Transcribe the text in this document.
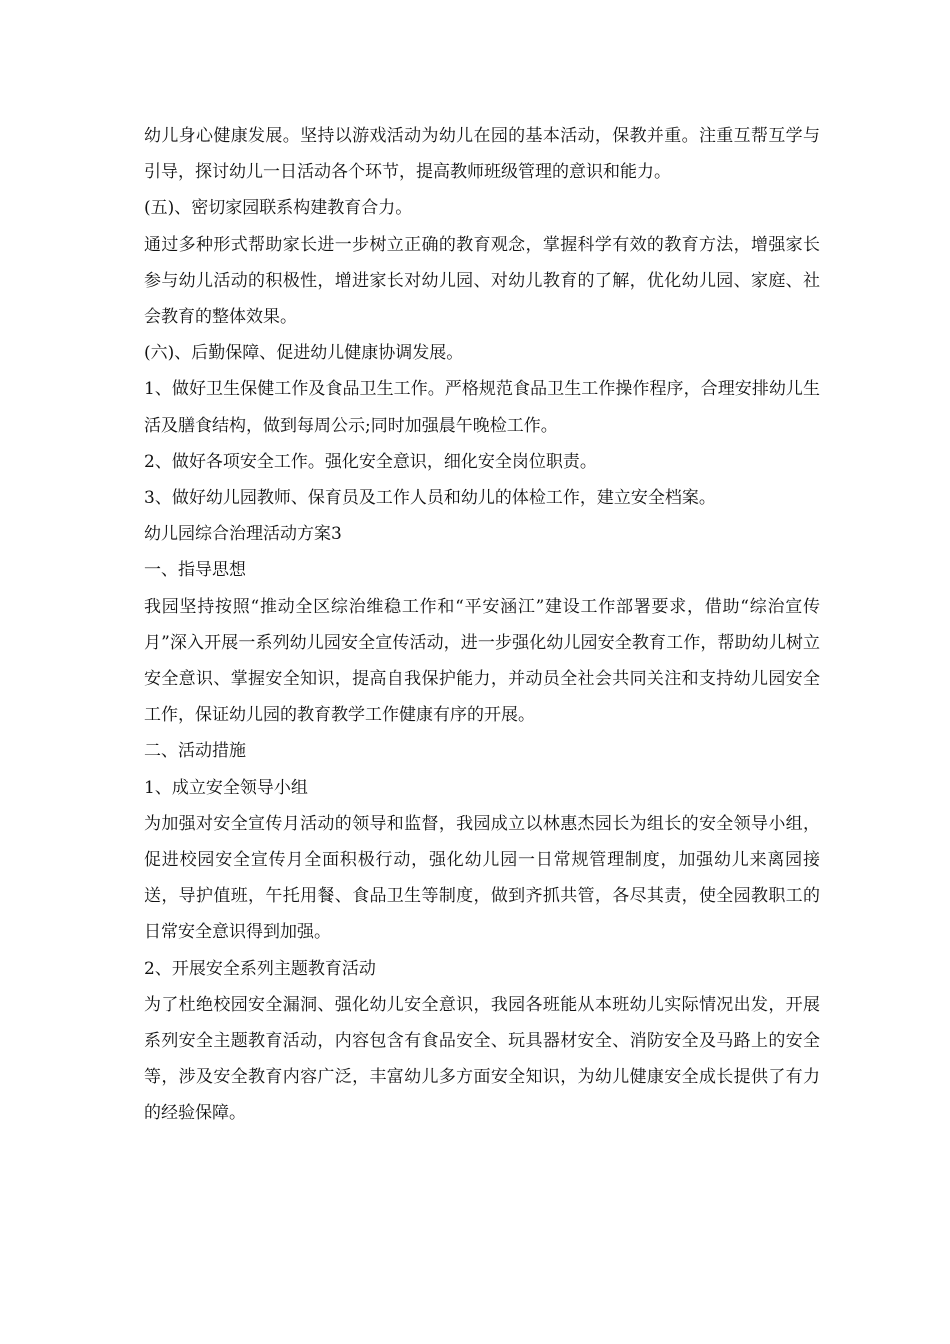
幼儿身心健康发展。坚持以游戏活动为幼儿在园的基本活动，保教并重。注重互帮互学与引导，探讨幼儿一日活动各个环节，提高教师班级管理的意识和能力。

(五)、密切家园联系构建教育合力。

通过多种形式帮助家长进一步树立正确的教育观念，掌握科学有效的教育方法，增强家长参与幼儿活动的积极性，增进家长对幼儿园、对幼儿教育的了解，优化幼儿园、家庭、社会教育的整体效果。

(六)、后勤保障、促进幼儿健康协调发展。

1、做好卫生保健工作及食品卫生工作。严格规范食品卫生工作操作程序，合理安排幼儿生活及膳食结构，做到每周公示;同时加强晨午晚检工作。

2、做好各项安全工作。强化安全意识，细化安全岗位职责。

3、做好幼儿园教师、保育员及工作人员和幼儿的体检工作，建立安全档案。

幼儿园综合治理活动方案3

一、指导思想

我园坚持按照“推动全区综治维稳工作和“平安涵江”建设工作部署要求，借助“综治宣传月”深入开展一系列幼儿园安全宣传活动，进一步强化幼儿园安全教育工作，帮助幼儿树立安全意识、掌握安全知识，提高自我保护能力，并动员全社会共同关注和支持幼儿园安全工作，保证幼儿园的教育教学工作健康有序的开展。

二、活动措施

1、成立安全领导小组

为加强对安全宣传月活动的领导和监督，我园成立以林惠杰园长为组长的安全领导小组，促进校园安全宣传月全面积极行动，强化幼儿园一日常规管理制度，加强幼儿来离园接送，导护值班，午托用餐、食品卫生等制度，做到齐抓共管，各尽其责，使全园教职工的日常安全意识得到加强。

2、开展安全系列主题教育活动

为了杜绝校园安全漏洞、强化幼儿安全意识，我园各班能从本班幼儿实际情况出发，开展系列安全主题教育活动，内容包含有食品安全、玩具器材安全、消防安全及马路上的安全等，涉及安全教育内容广泛，丰富幼儿多方面安全知识，为幼儿健康安全成长提供了有力的经验保障。
